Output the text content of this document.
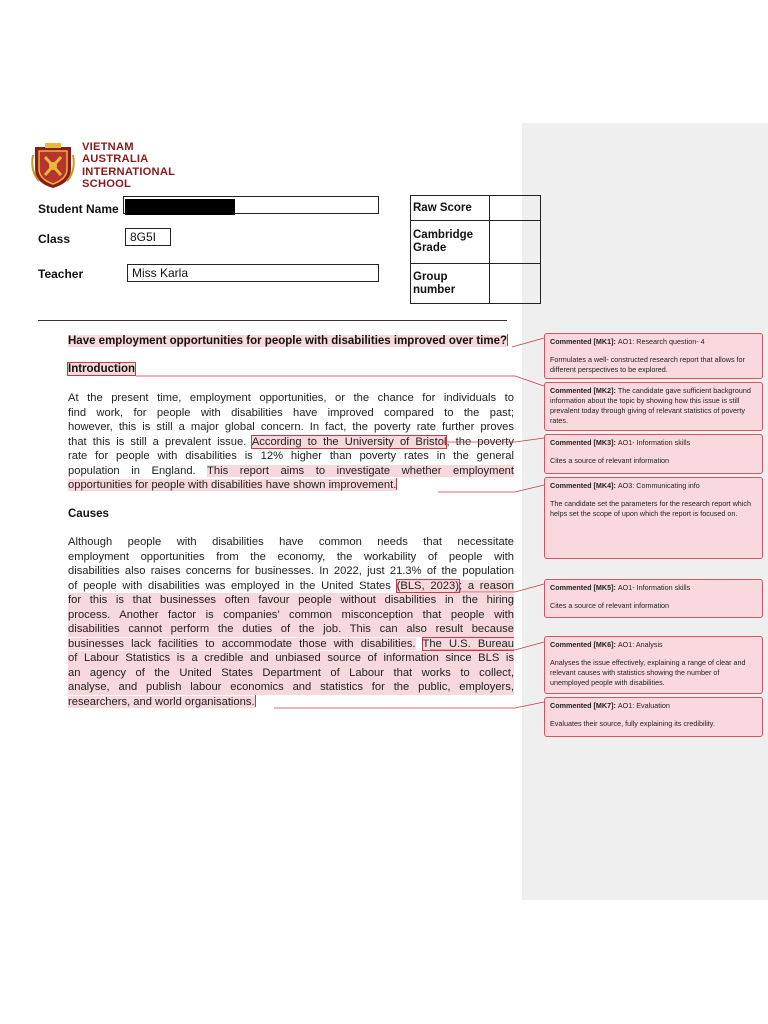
VIETNAM
AUSTRALIA
INTERNATIONAL
SCHOOL
Student Name
Class	8G5I
Teacher	Miss Karla
Raw Score	
Cambridge
Grade	
Group
number	
Have employment opportunities for people with disabilities improved over time?
Introduction
At the present time, employment opportunities, or the chance for individuals to
find work, for people with disabilities have improved compared to the past;
however, this is still a major global concern. In fact, the poverty rate further proves
that this is still a prevalent issue. According to the University of Bristol, the poverty
rate for people with disabilities is 12% higher than poverty rates in the general
population in England. This report aims to investigate whether employment
opportunities for people with disabilities have shown improvement.
Causes
Although people with disabilities have common needs that necessitate
employment opportunities from the economy, the workability of people with
disabilities also raises concerns for businesses. In 2022, just 21.3% of the population
of people with disabilities was employed in the United States (BLS, 2023); a reason
for this is that businesses often favour people without disabilities in the hiring
process. Another factor is companies’ common misconception that people with
disabilities cannot perform the duties of the job. This can also result because
businesses lack facilities to accommodate those with disabilities. The U.S. Bureau
of Labour Statistics is a credible and unbiased source of information since BLS is
an agency of the United States Department of Labour that works to collect,
analyse, and publish labour economics and statistics for the public, employers,
researchers, and world organisations.
Commented [MK1]: AO1: Research question- 4
Formulates a well- constructed research report that allows for different perspectives to be explored.
Commented [MK2]: The candidate gave sufficient background information about the topic by showing how this issue is still prevalent today through giving of relevant statistics of poverty rates.
Commented [MK3]: AO1- Information skills
Cites a source of relevant information
Commented [MK4]: AO3: Communicating info
The candidate set the parameters for the research report which helps set the scope of upon which the report is focused on.
Commented [MK5]: AO1- Information skills
Cites a source of relevant information
Commented [MK6]: AO1: Analysis
Analyses the issue effectively, explaining a range of clear and relevant causes with statistics showing the number of unemployed people with disabilities.
Commented [MK7]: AO1: Evaluation
Evaluates their source, fully explaining its credibility.
